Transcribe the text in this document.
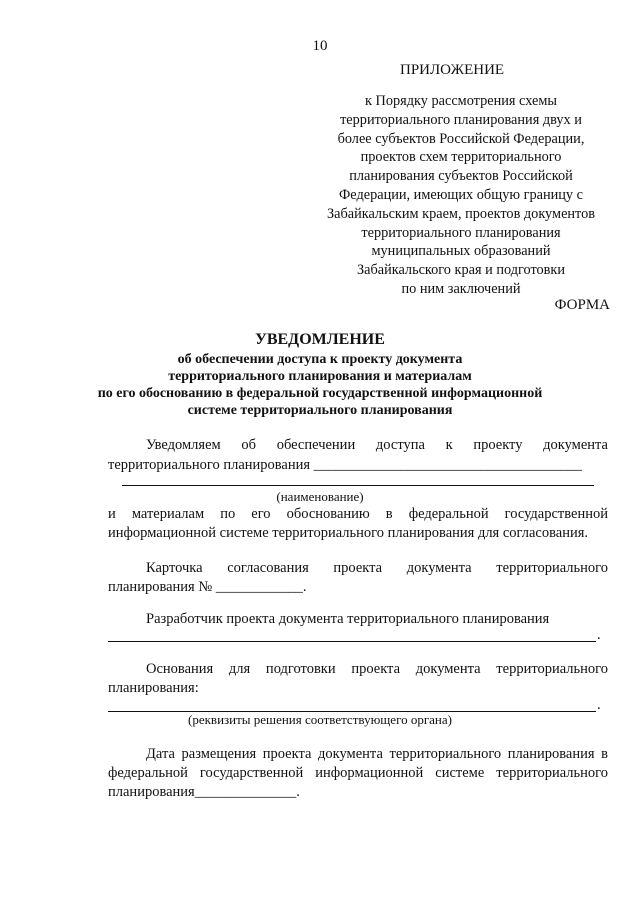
10
ПРИЛОЖЕНИЕ
к Порядку рассмотрения схемы
территориального планирования двух и
более субъектов Российской Федерации,
проектов схем территориального
планирования субъектов Российской
Федерации, имеющих общую границу с
Забайкальским краем, проектов документов
территориального планирования
муниципальных образований
Забайкальского края и подготовки
по ним заключений
ФОРМА
УВЕДОМЛЕНИЕ
об обеспечении доступа к проекту документа
территориального планирования и материалам
по его обоснованию в федеральной государственной информационной
системе территориального планирования
Уведомляем об обеспечении доступа к проекту документа
территориального планирования _____________________________________
(наименование)
и материалам по его обоснованию в федеральной государственной
информационной системе территориального планирования для согласования.
Карточка согласования проекта документа территориального
планирования № ____________.
Разработчик проекта документа территориального планирования
.
Основания для подготовки проекта документа территориального
планирования:
.
(реквизиты решения соответствующего органа)
Дата размещения проекта документа территориального планирования в
федеральной государственной информационной системе территориального
планирования______________.
